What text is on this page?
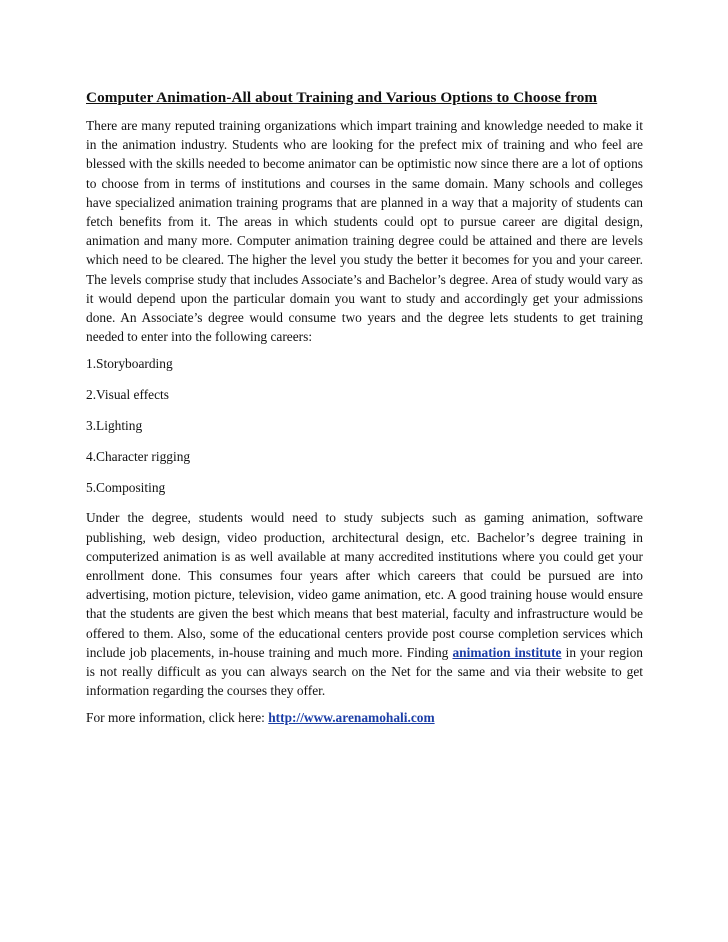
Computer Animation-All about Training and Various Options to Choose from

There are many reputed training organizations which impart training and knowledge needed to make it in the animation industry. Students who are looking for the prefect mix of training and who feel are blessed with the skills needed to become animator can be optimistic now since there are a lot of options to choose from in terms of institutions and courses in the same domain. Many schools and colleges have specialized animation training programs that are planned in a way that a majority of students can fetch benefits from it. The areas in which students could opt to pursue career are digital design, animation and many more. Computer animation training degree could be attained and there are levels which need to be cleared. The higher the level you study the better it becomes for you and your career. The levels comprise study that includes Associate’s and Bachelor’s degree. Area of study would vary as it would depend upon the particular domain you want to study and accordingly get your admissions done. An Associate’s degree would consume two years and the degree lets students to get training needed to enter into the following careers:

1.Storyboarding
2.Visual effects
3.Lighting
4.Character rigging
5.Compositing

Under the degree, students would need to study subjects such as gaming animation, software publishing, web design, video production, architectural design, etc. Bachelor’s degree training in computerized animation is as well available at many accredited institutions where you could get your enrollment done. This consumes four years after which careers that could be pursued are into advertising, motion picture, television, video game animation, etc. A good training house would ensure that the students are given the best which means that best material, faculty and infrastructure would be offered to them. Also, some of the educational centers provide post course completion services which include job placements, in-house training and much more. Finding animation institute in your region is not really difficult as you can always search on the Net for the same and via their website to get information regarding the courses they offer.

For more information, click here: http://www.arenamohali.com
